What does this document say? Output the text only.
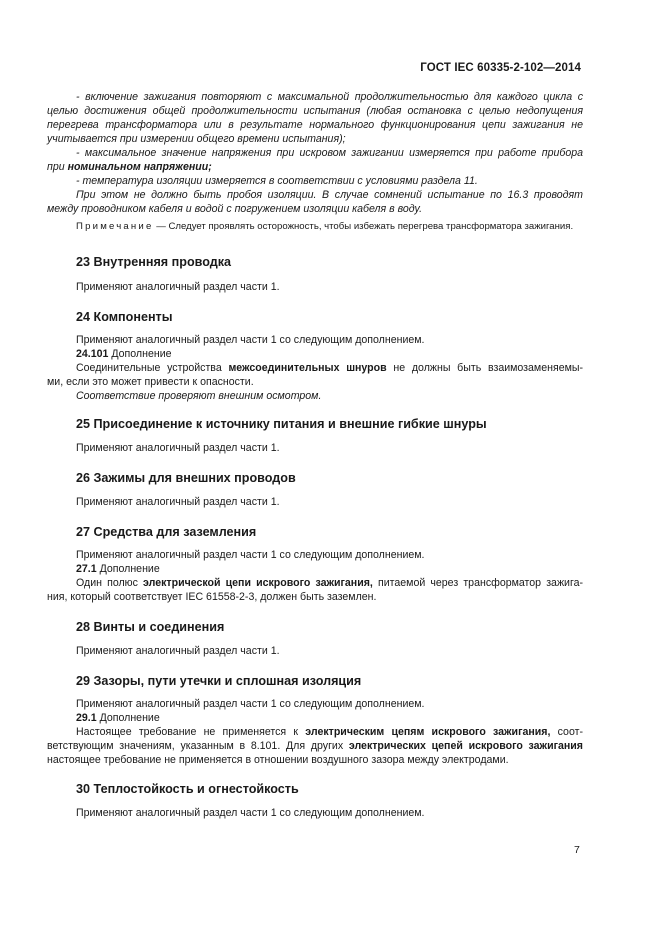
ГОСТ IEC 60335-2-102—2014
- включение зажигания повторяют с максимальной продолжительностью для каждого цикла с
целью достижения общей продолжительности испытания (любая остановка с целью недопущения
перегрева трансформатора или в результате нормального функционирования цепи зажигания не
учитывается при измерении общего времени испытания);
- максимальное значение напряжения при искровом зажигании измеряется при работе прибора
при номинальном напряжении;
- температура изоляции измеряется в соответствии с условиями раздела 11.
При этом не должно быть пробоя изоляции. В случае сомнений испытание по 16.3 проводят
между проводником кабеля и водой с погружением изоляции кабеля в воду.
Примечание — Следует проявлять осторожность, чтобы избежать перегрева трансформатора зажигания.
23 Внутренняя проводка
Применяют аналогичный раздел части 1.
24 Компоненты
Применяют аналогичный раздел части 1 со следующим дополнением.
24.101 Дополнение
Соединительные устройства межсоединительных шнуров не должны быть взаимозаменяемы-
ми, если это может привести к опасности.
Соответствие проверяют внешним осмотром.
25 Присоединение к источнику питания и внешние гибкие шнуры
Применяют аналогичный раздел части 1.
26 Зажимы для внешних проводов
Применяют аналогичный раздел части 1.
27 Средства для заземления
Применяют аналогичный раздел части 1 со следующим дополнением.
27.1 Дополнение
Один полюс электрической цепи искрового зажигания, питаемой через трансформатор зажига-
ния, который соответствует IEC 61558-2-3, должен быть заземлен.
28 Винты и соединения
Применяют аналогичный раздел части 1.
29 Зазоры, пути утечки и сплошная изоляция
Применяют аналогичный раздел части 1 со следующим дополнением.
29.1 Дополнение
Настоящее требование не применяется к электрическим цепям искрового зажигания, соот-
ветствующим значениям, указанным в 8.101. Для других электрических цепей искрового зажигания
настоящее требование не применяется в отношении воздушного зазора между электродами.
30 Теплостойкость и огнестойкость
Применяют аналогичный раздел части 1 со следующим дополнением.
7
